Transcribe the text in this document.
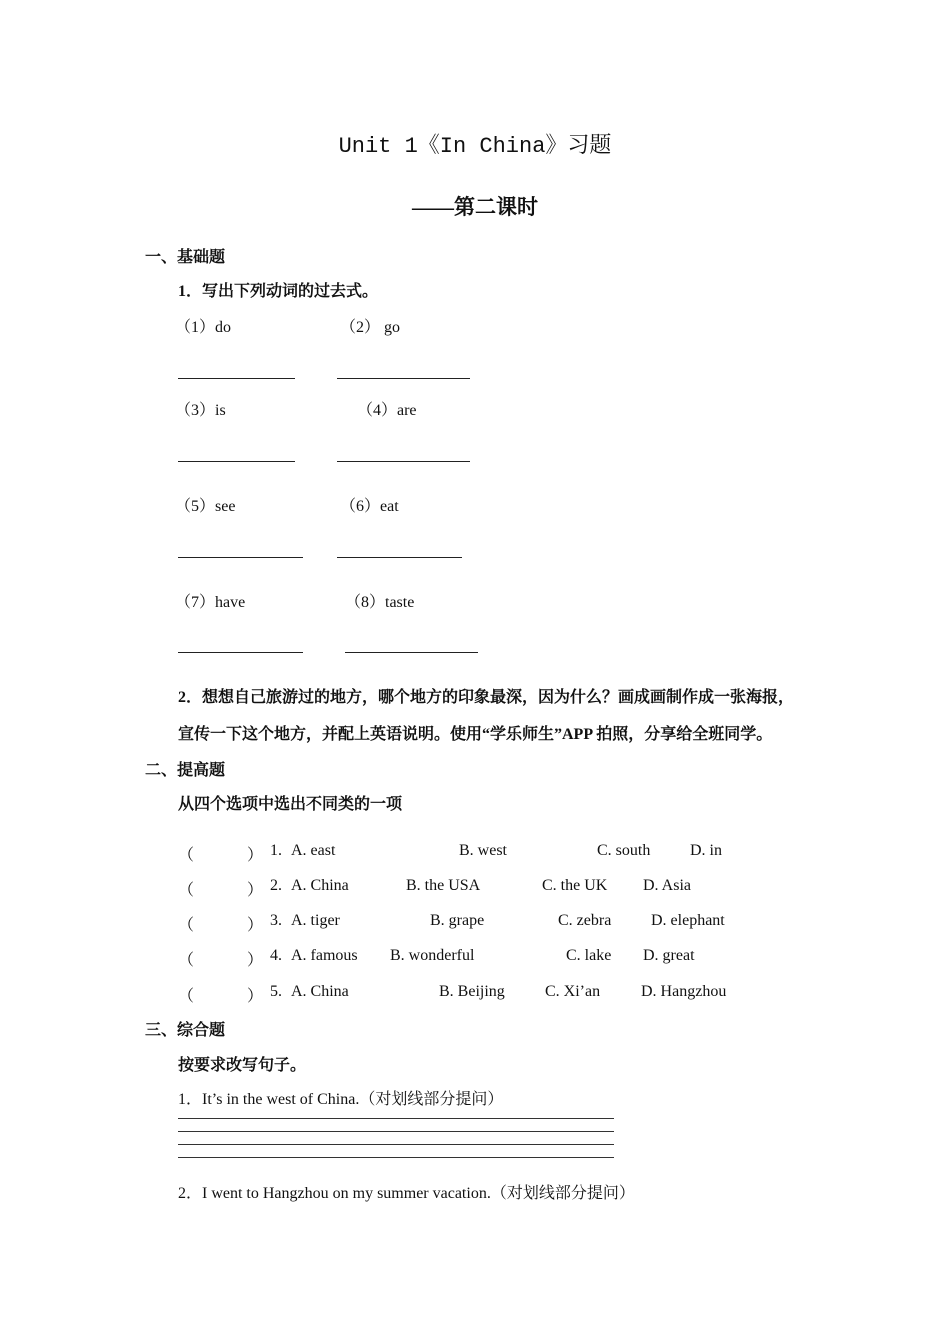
Unit 1《In China》习题
——第二课时
一、基础题
1．写出下列动词的过去式。
（1）do	（2） go
（3）is	（4）are
（5）see	（6）eat
（7）have	（8）taste
2．想想自己旅游过的地方，哪个地方的印象最深，因为什么？画成画制作成一张海报，
宣传一下这个地方，并配上英语说明。使用“学乐师生”APP 拍照，分享给全班同学。
二、提高题
从四个选项中选出不同类的一项
（	） 1. A. east	B. west	C. south D. in
（	） 2. A. China	B. the USA	C. the UK D. Asia
（	） 3. A. tiger	B. grape	C. zebra D. elephant
（	） 4. A. famous B. wonderful	C. lake D. great
（	） 5. A. China	B. Beijing	C. Xi’an	D. Hangzhou
三、综合题
按要求改写句子。
1．It’s in the west of China.（对划线部分提问）
2．I went to Hangzhou on my summer vacation.（对划线部分提问）
